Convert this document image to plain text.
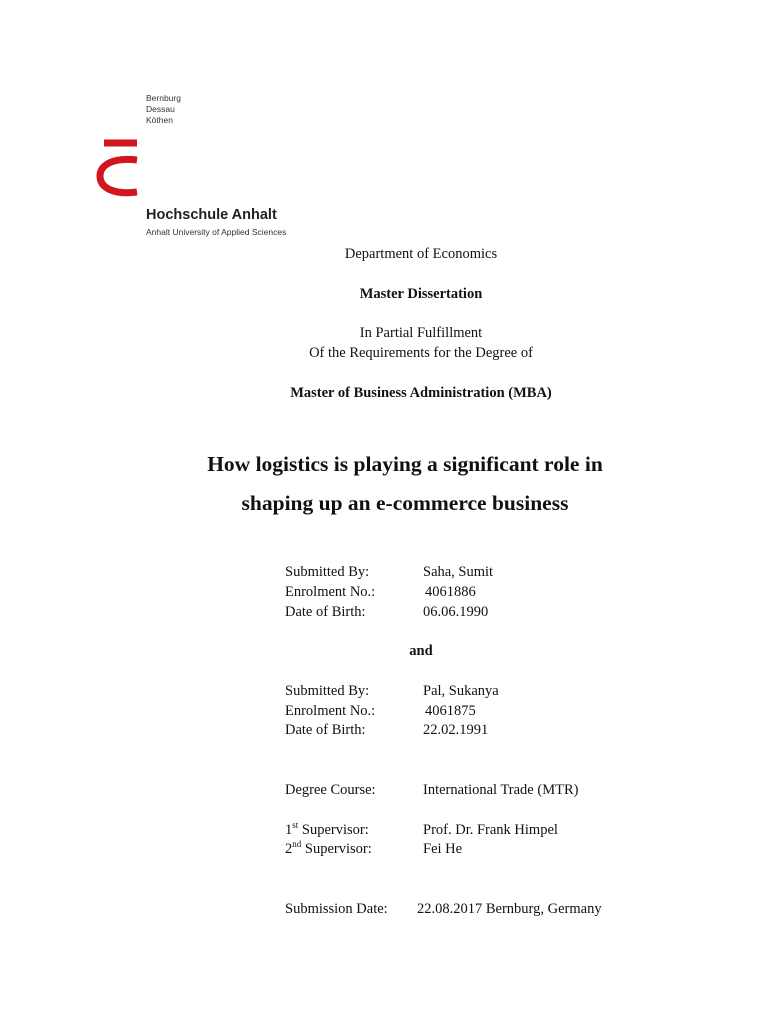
Bernburg
Dessau
Köthen
Hochschule Anhalt
Anhalt University of Applied Sciences
Department of Economics
Master Dissertation
In Partial Fulfillment
Of the Requirements for the Degree of
Master of Business Administration (MBA)
How logistics is playing a significant role in
shaping up an e-commerce business
Submitted By:	Saha, Sumit
Enrolment No.:	4061886
Date of Birth:	06.06.1990
and
Submitted By:	Pal, Sukanya
Enrolment No.:	4061875
Date of Birth:	22.02.1991
Degree Course:	International Trade (MTR)
1st Supervisor:	Prof. Dr. Frank Himpel
2nd Supervisor:	Fei He
Submission Date: 22.08.2017 Bernburg, Germany
